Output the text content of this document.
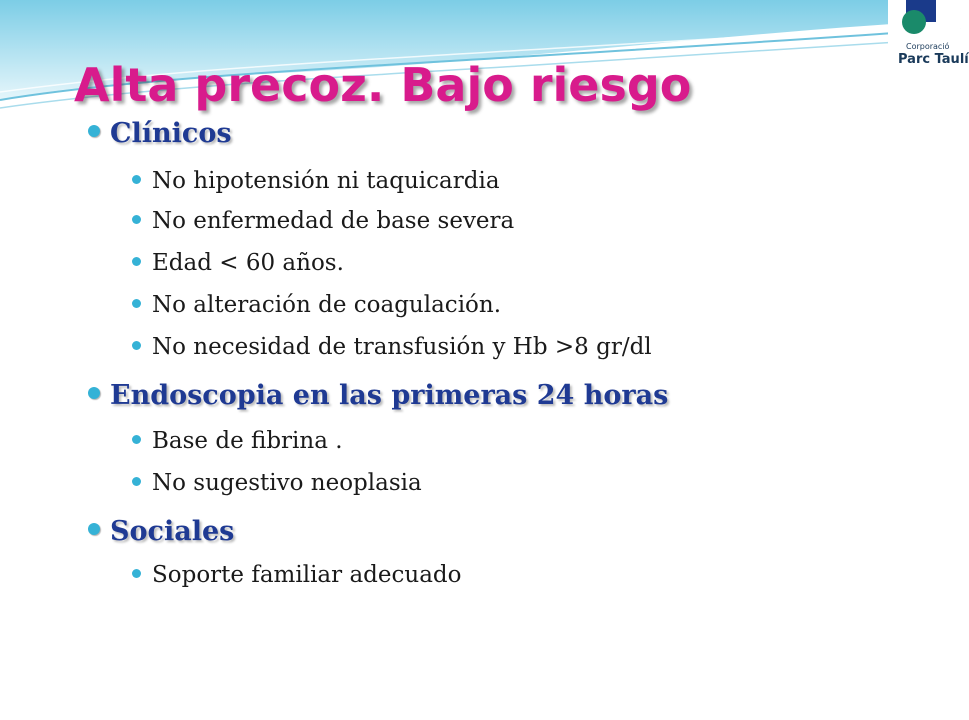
Corporació
Parc Taulí
Alta precoz. Bajo riesgo
Clínicos
No hipotensión ni taquicardia
No enfermedad de base severa
Edad < 60 años.
No alteración de coagulación.
No necesidad de transfusión y Hb >8 gr/dl
Endoscopia en las primeras 24 horas
Base de fibrina .
No sugestivo neoplasia
Sociales
Soporte familiar adecuado
